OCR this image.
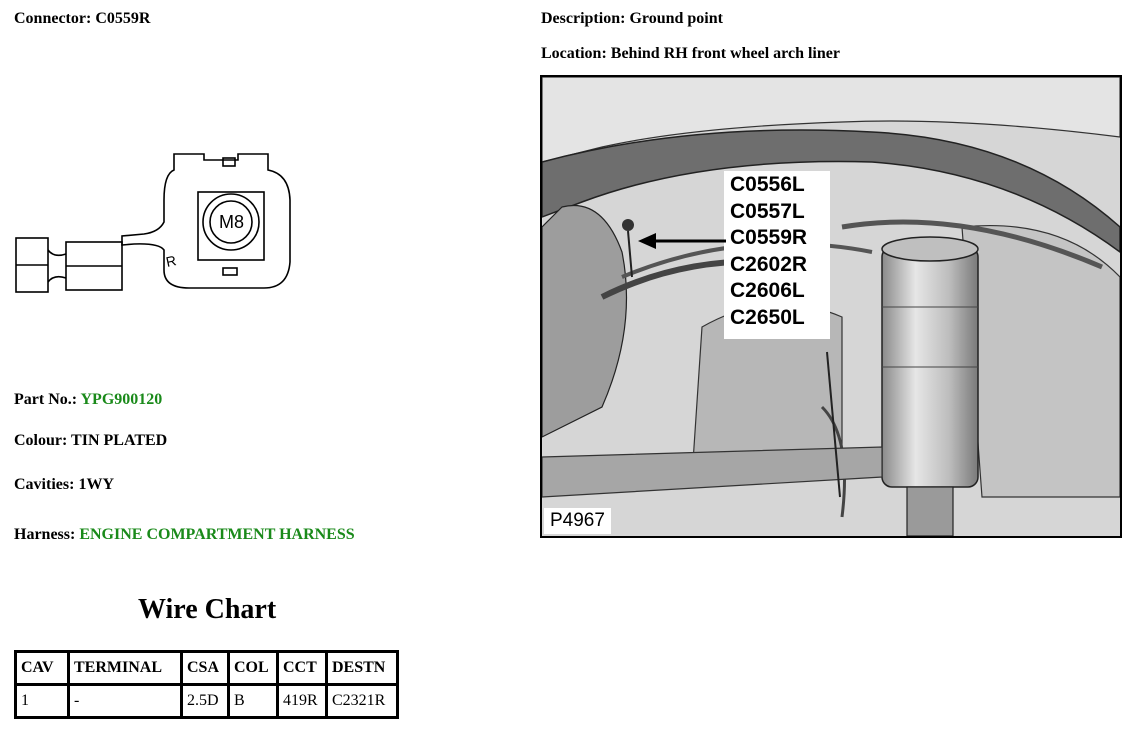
Connector: C0559R
M8
R
Part No.: YPG900120
Colour: TIN PLATED
Cavities: 1WY
Harness: ENGINE COMPARTMENT HARNESS
Wire Chart
CAV	TERMINAL	CSA	COL	CCT	DESTN
1	-	2.5D	B	419R	C2321R
Description: Ground point
Location: Behind RH front wheel arch liner
C0556L
C0557L
C0559R
C2602R
C2606L
C2650L
P4967
